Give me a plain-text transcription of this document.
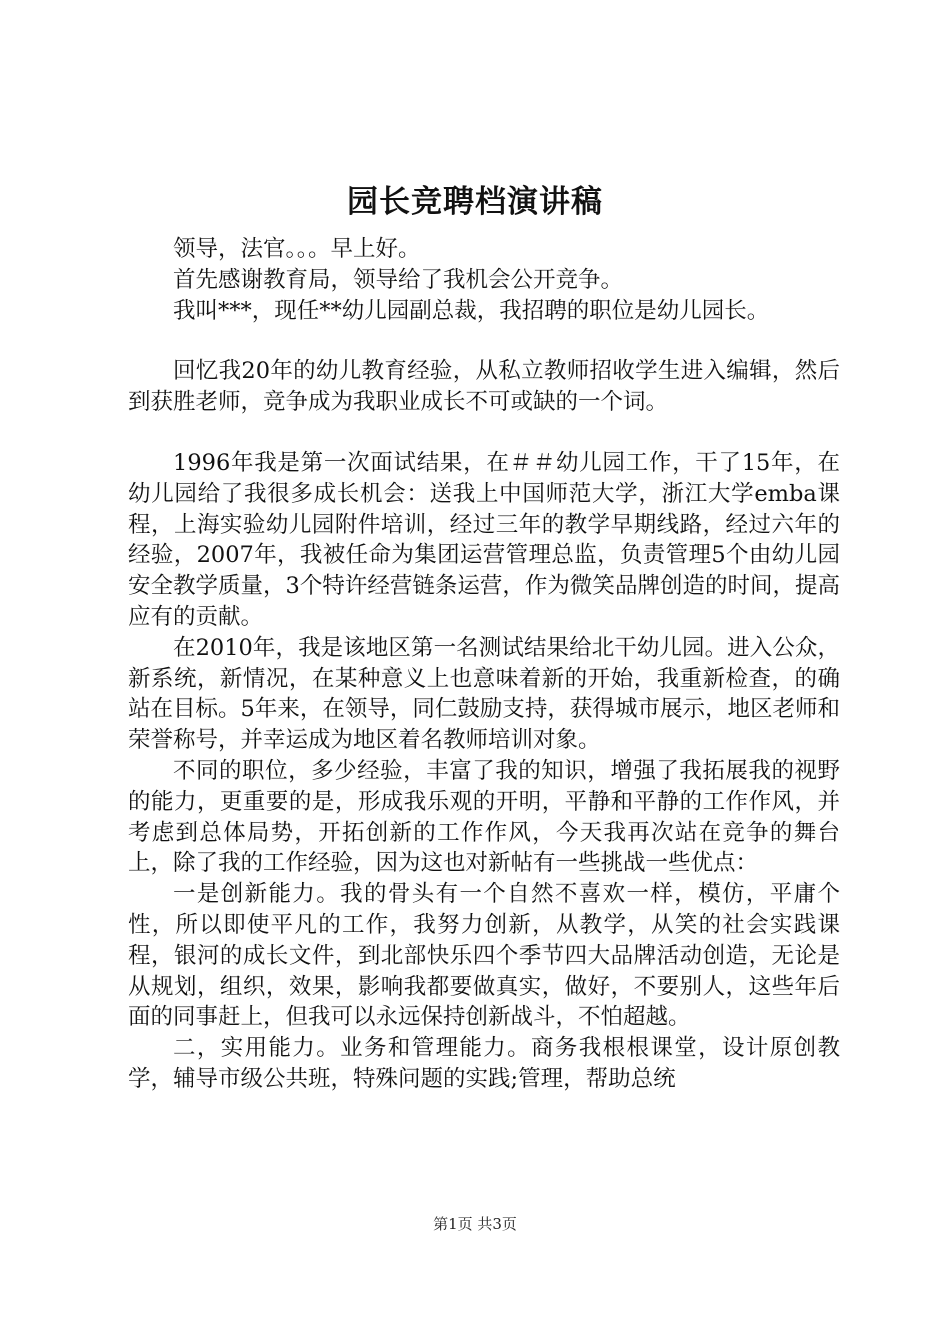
园长竞聘档演讲稿

领导，法官。。。早上好。

首先感谢教育局，领导给了我机会公开竞争。

我叫***，现任**幼儿园副总裁，我招聘的职位是幼儿园长。

回忆我20年的幼儿教育经验，从私立教师招收学生进入编辑，然后到获胜老师，竞争成为我职业成长不可或缺的一个词。

1996年我是第一次面试结果，在＃＃幼儿园工作，干了15年，在幼儿园给了我很多成长机会：送我上中国师范大学，浙江大学emba课程，上海实验幼儿园附件培训，经过三年的教学早期线路，经过六年的经验，2007年，我被任命为集团运营管理总监，负责管理5个由幼儿园安全教学质量，3个特许经营链条运营，作为微笑品牌创造的时间，提高应有的贡献。

在2010年，我是该地区第一名测试结果给北干幼儿园。进入公众，新系统，新情况，在某种意义上也意味着新的开始，我重新检查，的确站在目标。5年来，在领导，同仁鼓励支持，获得城市展示，地区老师和荣誉称号，并幸运成为地区着名教师培训对象。

不同的职位，多少经验，丰富了我的知识，增强了我拓展我的视野的能力，更重要的是，形成我乐观的开明，平静和平静的工作作风，并考虑到总体局势，开拓创新的工作作风，今天我再次站在竞争的舞台上，除了我的工作经验，因为这也对新帖有一些挑战一些优点：

一是创新能力。我的骨头有一个自然不喜欢一样，模仿，平庸个性，所以即使平凡的工作，我努力创新，从教学，从笑的社会实践课程，银河的成长文件，到北部快乐四个季节四大品牌活动创造，无论是从规划，组织，效果，影响我都要做真实，做好，不要别人，这些年后面的同事赶上，但我可以永远保持创新战斗，不怕超越。

二，实用能力。业务和管理能力。商务我根根课堂，设计原创教学，辅导市级公共班，特殊问题的实践;管理，帮助总统

第1页 共3页
